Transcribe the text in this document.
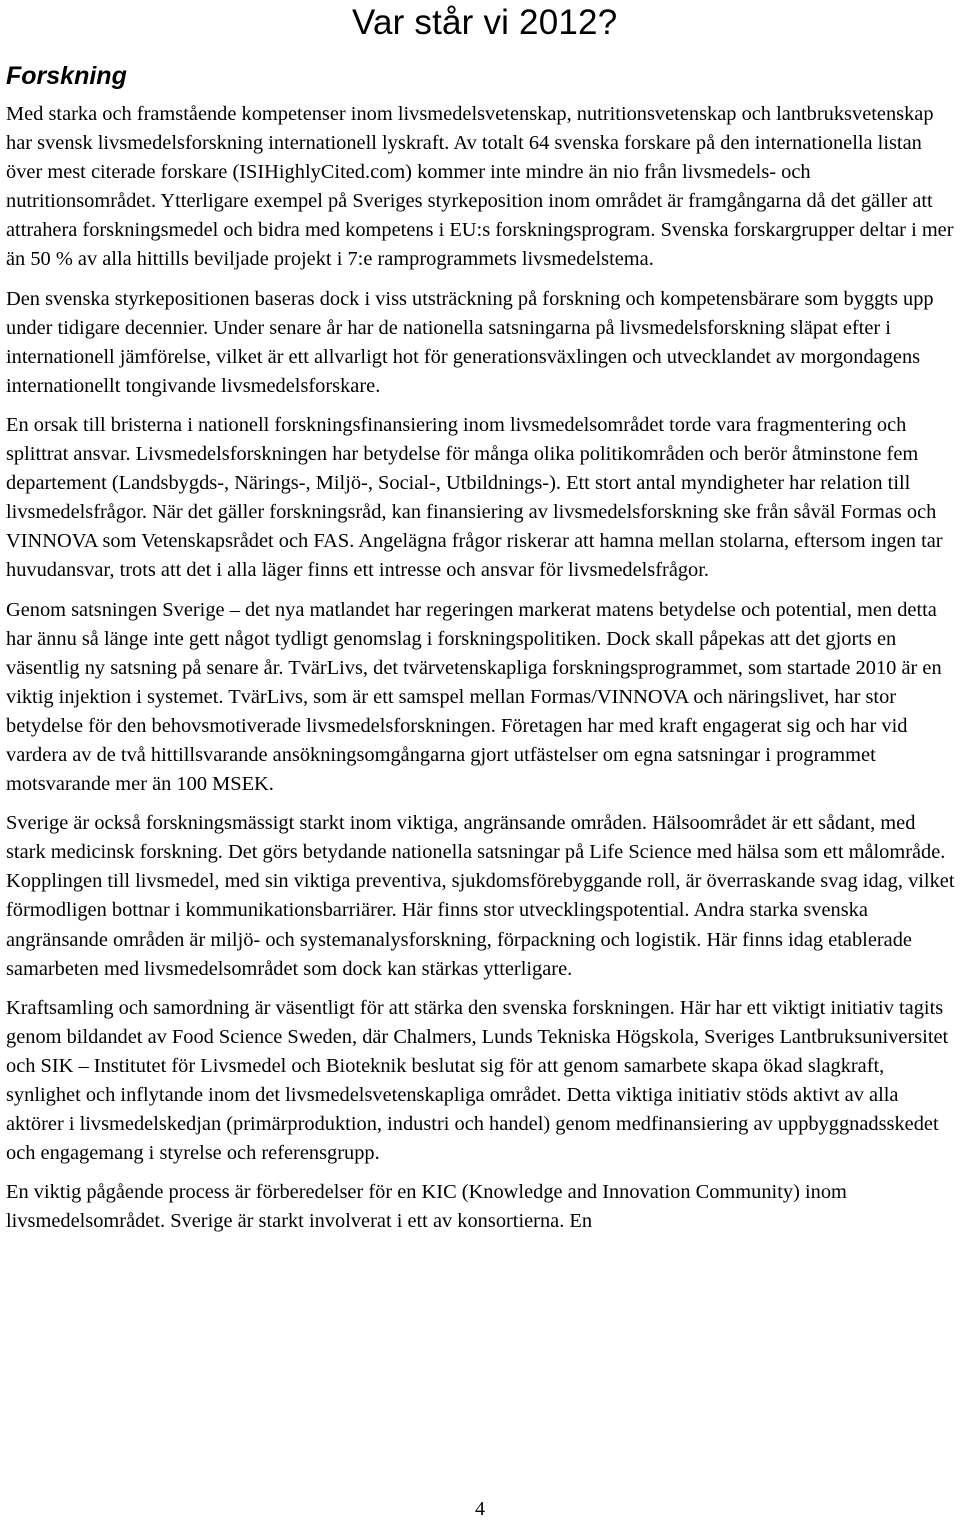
Var står vi 2012?
Forskning

Med starka och framstående kompetenser inom livsmedelsvetenskap, nutritionsvetenskap och lantbruksvetenskap har svensk livsmedelsforskning internationell lyskraft. Av totalt 64 svenska forskare på den internationella listan över mest citerade forskare (ISIHighlyCited.com) kommer inte mindre än nio från livsmedels- och nutritionsområdet. Ytterligare exempel på Sveriges styrkeposition inom området är framgångarna då det gäller att attrahera forskningsmedel och bidra med kompetens i EU:s forskningsprogram. Svenska forskargrupper deltar i mer än 50 % av alla hittills beviljade projekt i 7:e ramprogrammets livsmedelstema.

Den svenska styrkepositionen baseras dock i viss utsträckning på forskning och kompetensbärare som byggts upp under tidigare decennier. Under senare år har de nationella satsningarna på livsmedelsforskning släpat efter i internationell jämförelse, vilket är ett allvarligt hot för generationsväxlingen och utvecklandet av morgondagens internationellt tongivande livsmedelsforskare.

En orsak till bristerna i nationell forskningsfinansiering inom livsmedelsområdet torde vara fragmentering och splittrat ansvar. Livsmedelsforskningen har betydelse för många olika politikområden och berör åtminstone fem departement (Landsbygds-, Närings-, Miljö-, Social-, Utbildnings-). Ett stort antal myndigheter har relation till livsmedelsfrågor. När det gäller forskningsråd, kan finansiering av livsmedelsforskning ske från såväl Formas och VINNOVA som Vetenskapsrådet och FAS. Angelägna frågor riskerar att hamna mellan stolarna, eftersom ingen tar huvudansvar, trots att det i alla läger finns ett intresse och ansvar för livsmedelsfrågor.

Genom satsningen Sverige – det nya matlandet har regeringen markerat matens betydelse och potential, men detta har ännu så länge inte gett något tydligt genomslag i forskningspolitiken. Dock skall påpekas att det gjorts en väsentlig ny satsning på senare år. TvärLivs, det tvärvetenskapliga forskningsprogrammet, som startade 2010 är en viktig injektion i systemet. TvärLivs, som är ett samspel mellan Formas/VINNOVA och näringslivet, har stor betydelse för den behovsmotiverade livsmedelsforskningen. Företagen har med kraft engagerat sig och har vid vardera av de två hittillsvarande ansökningsomgångarna gjort utfästelser om egna satsningar i programmet motsvarande mer än 100 MSEK.

Sverige är också forskningsmässigt starkt inom viktiga, angränsande områden. Hälsoområdet är ett sådant, med stark medicinsk forskning. Det görs betydande nationella satsningar på Life Science med hälsa som ett målområde. Kopplingen till livsmedel, med sin viktiga preventiva, sjukdomsförebyggande roll, är överraskande svag idag, vilket förmodligen bottnar i kommunikationsbarriärer. Här finns stor utvecklingspotential. Andra starka svenska angränsande områden är miljö- och systemanalysforskning, förpackning och logistik. Här finns idag etablerade samarbeten med livsmedelsområdet som dock kan stärkas ytterligare.

Kraftsamling och samordning är väsentligt för att stärka den svenska forskningen. Här har ett viktigt initiativ tagits genom bildandet av Food Science Sweden, där Chalmers, Lunds Tekniska Högskola, Sveriges Lantbruksuniversitet och SIK – Institutet för Livsmedel och Bioteknik beslutat sig för att genom samarbete skapa ökad slagkraft, synlighet och inflytande inom det livsmedelsvetenskapliga området. Detta viktiga initiativ stöds aktivt av alla aktörer i livsmedelskedjan (primärproduktion, industri och handel) genom medfinansiering av uppbyggnadsskedet och engagemang i styrelse och referensgrupp.

En viktig pågående process är förberedelser för en KIC (Knowledge and Innovation Community) inom livsmedelsområdet. Sverige är starkt involverat i ett av konsortierna. En

4
